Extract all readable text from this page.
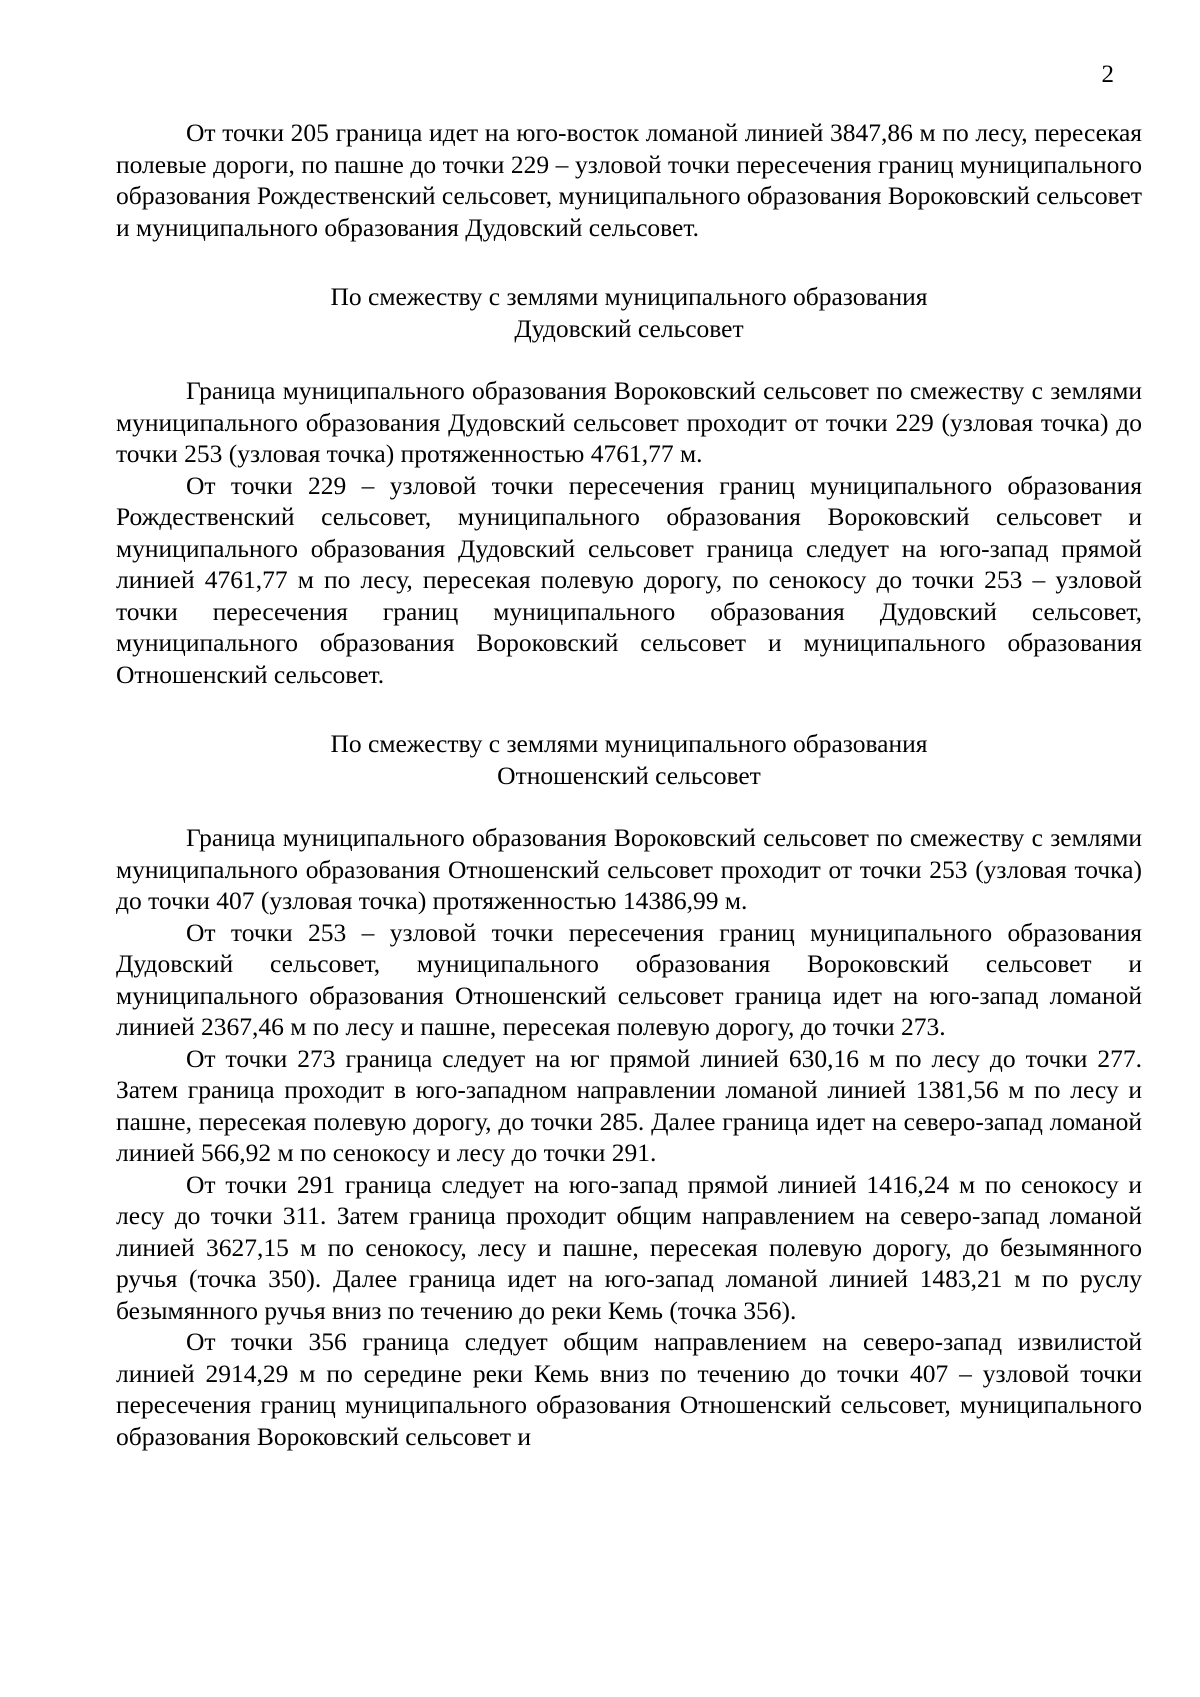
2

От точки 205 граница идет на юго-восток ломаной линией 3847,86 м по лесу, пересекая полевые дороги, по пашне до точки 229 – узловой точки пересечения границ муниципального образования Рождественский сельсовет, муниципального образования Вороковский сельсовет и муниципального образования Дудовский сельсовет.

По смежеству с землями муниципального образования
Дудовский сельсовет

Граница муниципального образования Вороковский сельсовет по смежеству с землями муниципального образования Дудовский сельсовет проходит от точки 229 (узловая точка) до точки 253 (узловая точка) протяженностью 4761,77 м.

От точки 229 – узловой точки пересечения границ муниципального образования Рождественский сельсовет, муниципального образования Вороковский сельсовет и муниципального образования Дудовский сельсовет граница следует на юго-запад прямой линией 4761,77 м по лесу, пересекая полевую дорогу, по сенокосу до точки 253 – узловой точки пересечения границ муниципального образования Дудовский сельсовет, муниципального образования Вороковский сельсовет и муниципального образования Отношенский сельсовет.

По смежеству с землями муниципального образования
Отношенский сельсовет

Граница муниципального образования Вороковский сельсовет по смежеству с землями муниципального образования Отношенский сельсовет проходит от точки 253 (узловая точка) до точки 407 (узловая точка) протяженностью 14386,99 м.

От точки 253 – узловой точки пересечения границ муниципального образования Дудовский сельсовет, муниципального образования Вороковский сельсовет и муниципального образования Отношенский сельсовет граница идет на юго-запад ломаной линией 2367,46 м по лесу и пашне, пересекая полевую дорогу, до точки 273.

От точки 273 граница следует на юг прямой линией 630,16 м по лесу до точки 277. Затем граница проходит в юго-западном направлении ломаной линией 1381,56 м по лесу и пашне, пересекая полевую дорогу, до точки 285. Далее граница идет на северо-запад ломаной линией 566,92 м по сенокосу и лесу до точки 291.

От точки 291 граница следует на юго-запад прямой линией 1416,24 м по сенокосу и лесу до точки 311. Затем граница проходит общим направлением на северо-запад ломаной линией 3627,15 м по сенокосу, лесу и пашне, пересекая полевую дорогу, до безымянного ручья (точка 350). Далее граница идет на юго-запад ломаной линией 1483,21 м по руслу безымянного ручья вниз по течению до реки Кемь (точка 356).

От точки 356 граница следует общим направлением на северо-запад извилистой линией 2914,29 м по середине реки Кемь вниз по течению до точки 407 – узловой точки пересечения границ муниципального образования Отношенский сельсовет, муниципального образования Вороковский сельсовет и
